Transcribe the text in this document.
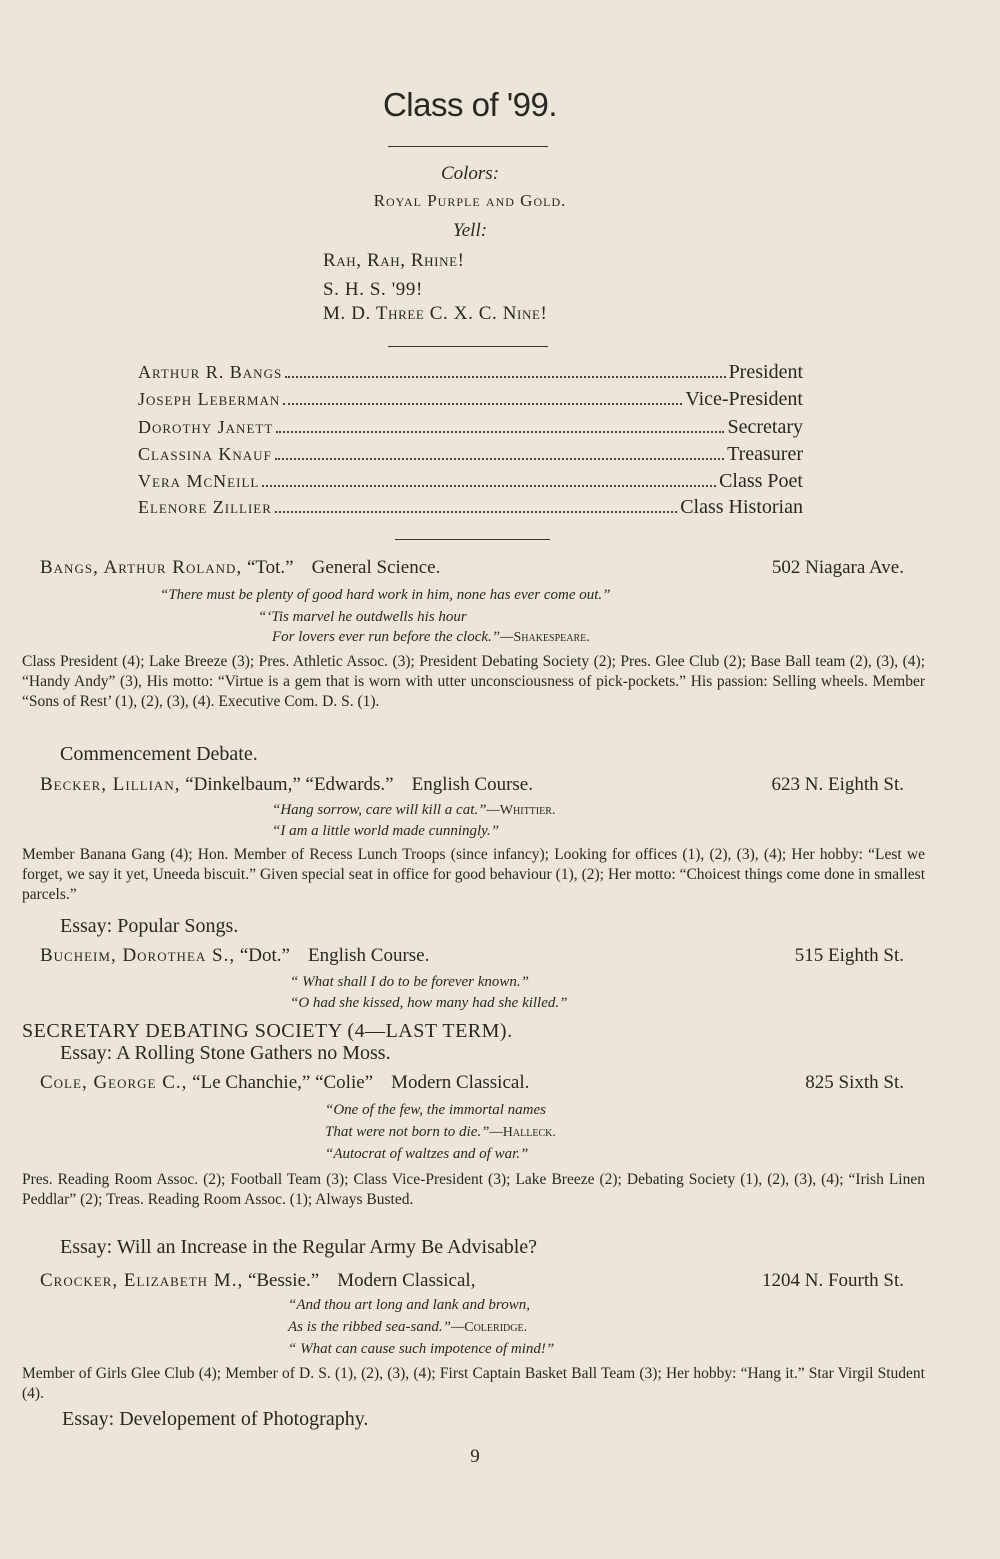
Class of '99.
Colors:
Royal Purple and Gold.
Yell:
Rah, Rah, Rhine!
S. H. S. '99!
M. D. Three C. X. C. Nine!
Arthur R. Bangs	President
Joseph Leberman	Vice-President
Dorothy Janett	Secretary
Classina Knauf	Treasurer
Vera McNeill	Class Poet
Elenore Zillier	Class Historian
Bangs, Arthur Roland, “Tot.” General Science.	502 Niagara Ave.
“There must be plenty of good hard work in him, none has ever come out.”
“‘Tis marvel he outdwells his hour
For lovers ever run before the clock.”—Shakespeare.
Class President (4); Lake Breeze (3); Pres. Athletic Assoc. (3); President Debating Society (2); Pres. Glee Club (2); Base Ball team (2), (3), (4); “Handy Andy” (3), His motto: “Virtue is a gem that is worn with utter unconsciousness of pick-pockets.” His passion: Selling wheels. Member “Sons of Rest’ (1), (2), (3), (4). Executive Com. D. S. (1).
Commencement Debate.
Becker, Lillian, “Dinkelbaum,” “Edwards.” English Course.	623 N. Eighth St.
“Hang sorrow, care will kill a cat.”—Whittier.
“I am a little world made cunningly.”
Member Banana Gang (4); Hon. Member of Recess Lunch Troops (since infancy); Looking for offices (1), (2), (3), (4); Her hobby: “Lest we forget, we say it yet, Uneeda biscuit.” Given special seat in office for good behaviour (1), (2); Her motto: “Choicest things come done in smallest parcels.”
Essay: Popular Songs.
Bucheim, Dorothea S., “Dot.” English Course.	515 Eighth St.
“ What shall I do to be forever known.”
“O had she kissed, how many had she killed.”
SECRETARY DEBATING SOCIETY (4—LAST TERM).
Essay: A Rolling Stone Gathers no Moss.
Cole, George C., “Le Chanchie,” “Colie” Modern Classical.	825 Sixth St.
“One of the few, the immortal names
That were not born to die.”—Halleck.
“Autocrat of waltzes and of war.”
Pres. Reading Room Assoc. (2); Football Team (3); Class Vice-President (3); Lake Breeze (2); Debating Society (1), (2), (3), (4); “Irish Linen Peddlar” (2); Treas. Reading Room Assoc. (1); Always Busted.
Essay: Will an Increase in the Regular Army Be Advisable?
Crocker, Elizabeth M., “Bessie.” Modern Classical,	1204 N. Fourth St.
“And thou art long and lank and brown,
As is the ribbed sea-sand.”—Coleridge.
“ What can cause such impotence of mind!”
Member of Girls Glee Club (4); Member of D. S. (1), (2), (3), (4); First Captain Basket Ball Team (3); Her hobby: “Hang it.” Star Virgil Student (4).
Essay: Developement of Photography.
9
